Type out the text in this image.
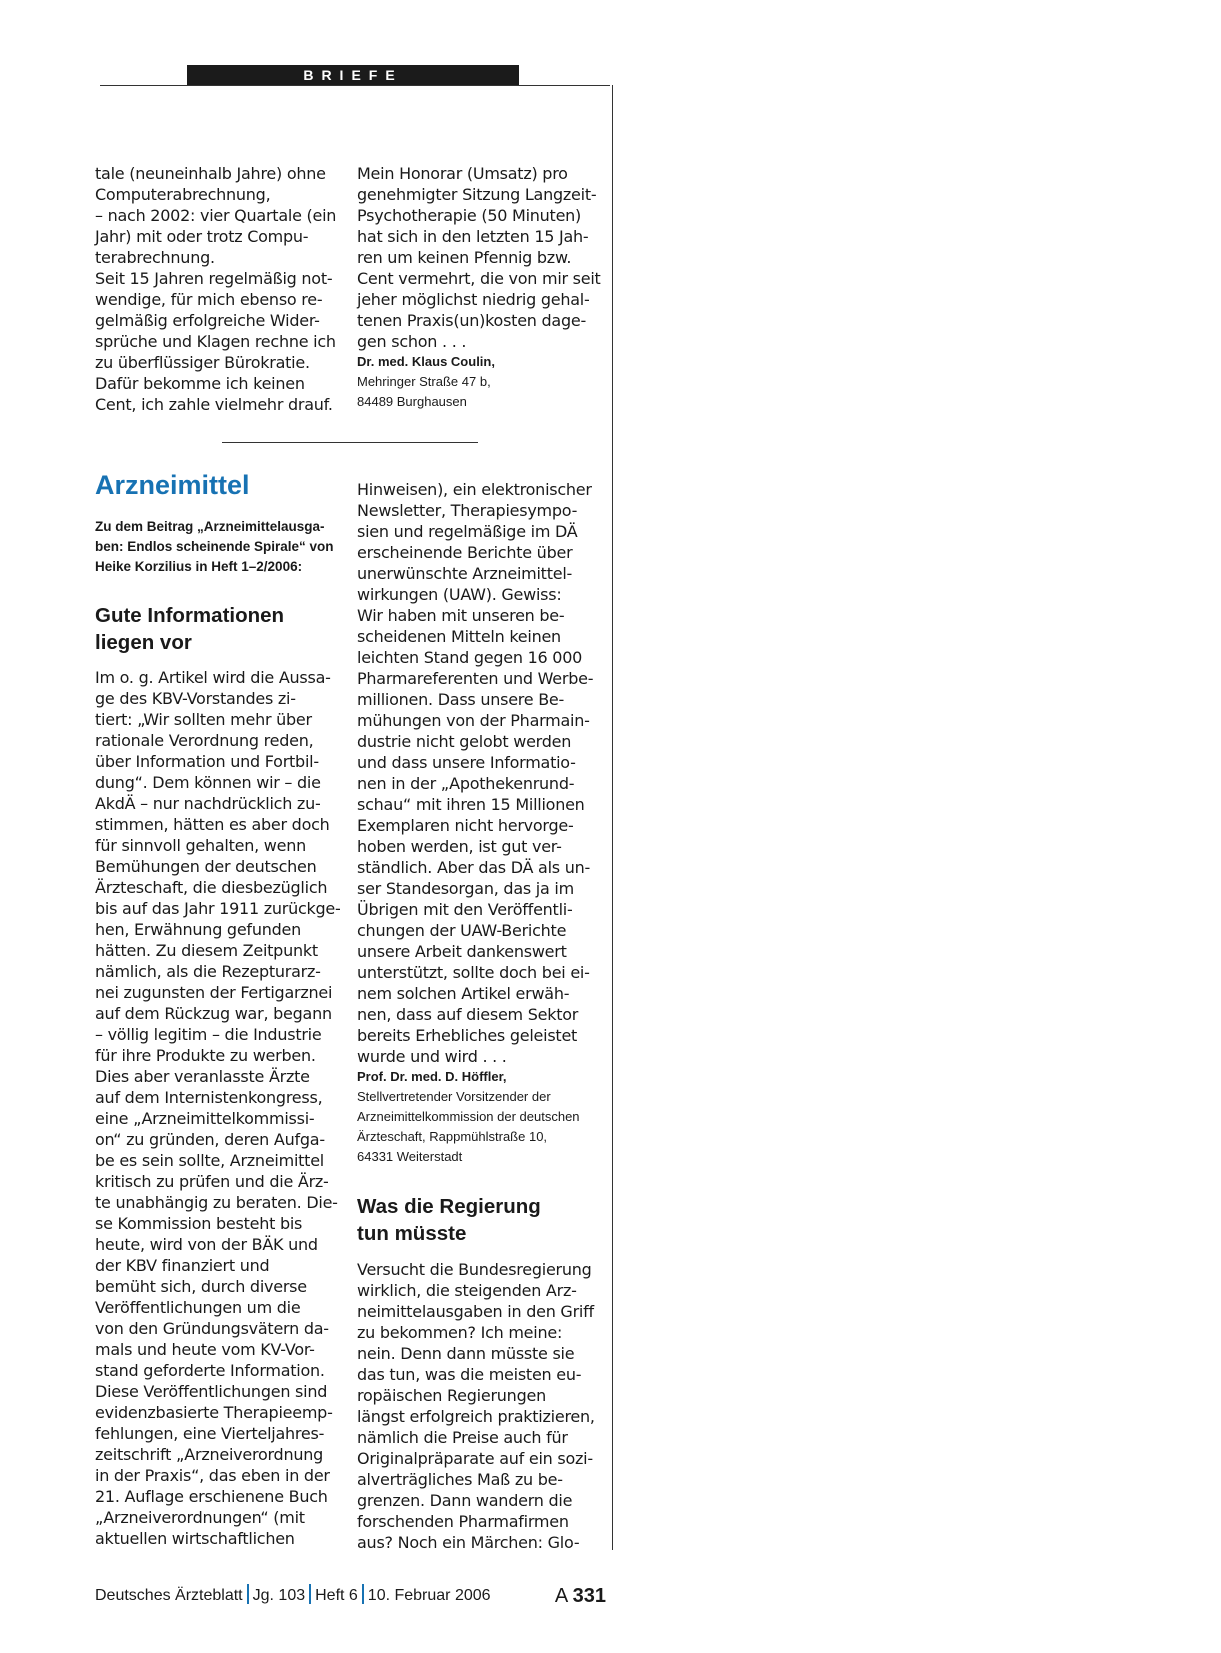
BRIEFE

tale (neuneinhalb Jahre) ohne
Computerabrechnung,
– nach 2002: vier Quartale (ein
Jahr) mit oder trotz Compu-
terabrechnung.
Seit 15 Jahren regelmäßig not-
wendige, für mich ebenso re-
gelmäßig erfolgreiche Wider-
sprüche und Klagen rechne ich
zu überflüssiger Bürokratie.
Dafür bekomme ich keinen
Cent, ich zahle vielmehr drauf.

Mein Honorar (Umsatz) pro
genehmigter Sitzung Langzeit-
Psychotherapie (50 Minuten)
hat sich in den letzten 15 Jah-
ren um keinen Pfennig bzw.
Cent vermehrt, die von mir seit
jeher möglichst niedrig gehal-
tenen Praxis(un)kosten dage-
gen schon . . .

Dr. med. Klaus Coulin,

Mehringer Straße 47 b,
84489 Burghausen

Arzneimittel

Zu dem Beitrag „Arzneimittelausga-
ben: Endlos scheinende Spirale“ von
Heike Korzilius in Heft 1–2/2006:

Gute Informationen
liegen vor

Im o. g. Artikel wird die Aussa-
ge des KBV-Vorstandes zi-
tiert: „Wir sollten mehr über
rationale Verordnung reden,
über Information und Fortbil-
dung“. Dem können wir – die
AkdÄ – nur nachdrücklich zu-
stimmen, hätten es aber doch
für sinnvoll gehalten, wenn
Bemühungen der deutschen
Ärzteschaft, die diesbezüglich
bis auf das Jahr 1911 zurückge-
hen, Erwähnung gefunden
hätten. Zu diesem Zeitpunkt
nämlich, als die Rezepturarz-
nei zugunsten der Fertigarznei
auf dem Rückzug war, begann
– völlig legitim – die Industrie
für ihre Produkte zu werben.
Dies aber veranlasste Ärzte
auf dem Internistenkongress,
eine „Arzneimittelkommissi-
on“ zu gründen, deren Aufga-
be es sein sollte, Arzneimittel
kritisch zu prüfen und die Ärz-
te unabhängig zu beraten. Die-
se Kommission besteht bis
heute, wird von der BÄK und
der KBV finanziert und
bemüht sich, durch diverse
Veröffentlichungen um die
von den Gründungsvätern da-
mals und heute vom KV-Vor-
stand geforderte Information.
Diese Veröffentlichungen sind
evidenzbasierte Therapieemp-
fehlungen, eine Vierteljahres-
zeitschrift „Arzneiverordnung
in der Praxis“, das eben in der
21. Auflage erschienene Buch
„Arzneiverordnungen“ (mit
aktuellen wirtschaftlichen

Hinweisen), ein elektronischer
Newsletter, Therapiesympo-
sien und regelmäßige im DÄ
erscheinende Berichte über
unerwünschte Arzneimittel-
wirkungen (UAW). Gewiss:
Wir haben mit unseren be-
scheidenen Mitteln keinen
leichten Stand gegen 16 000
Pharmareferenten und Werbe-
millionen. Dass unsere Be-
mühungen von der Pharmain-
dustrie nicht gelobt werden
und dass unsere Informatio-
nen in der „Apothekenrund-
schau“ mit ihren 15 Millionen
Exemplaren nicht hervorge-
hoben werden, ist gut ver-
ständlich. Aber das DÄ als un-
ser Standesorgan, das ja im
Übrigen mit den Veröffentli-
chungen der UAW-Berichte
unsere Arbeit dankenswert
unterstützt, sollte doch bei ei-
nem solchen Artikel erwäh-
nen, dass auf diesem Sektor
bereits Erhebliches geleistet
wurde und wird . . .

Prof. Dr. med. D. Höffler,

Stellvertretender Vorsitzender der
Arzneimittelkommission der deutschen
Ärzteschaft, Rappmühlstraße 10,
64331 Weiterstadt

Was die Regierung
tun müsste

Versucht die Bundesregierung
wirklich, die steigenden Arz-
neimittelausgaben in den Griff
zu bekommen? Ich meine:
nein. Denn dann müsste sie
das tun, was die meisten eu-
ropäischen Regierungen
längst erfolgreich praktizieren,
nämlich die Preise auch für
Originalpräparate auf ein sozi-
alverträgliches Maß zu be-
grenzen. Dann wandern die
forschenden Pharmafirmen
aus? Noch ein Märchen: Glo-

Deutsches Ärzteblatt Jg. 103 Heft 6 10. Februar 2006	A 331
